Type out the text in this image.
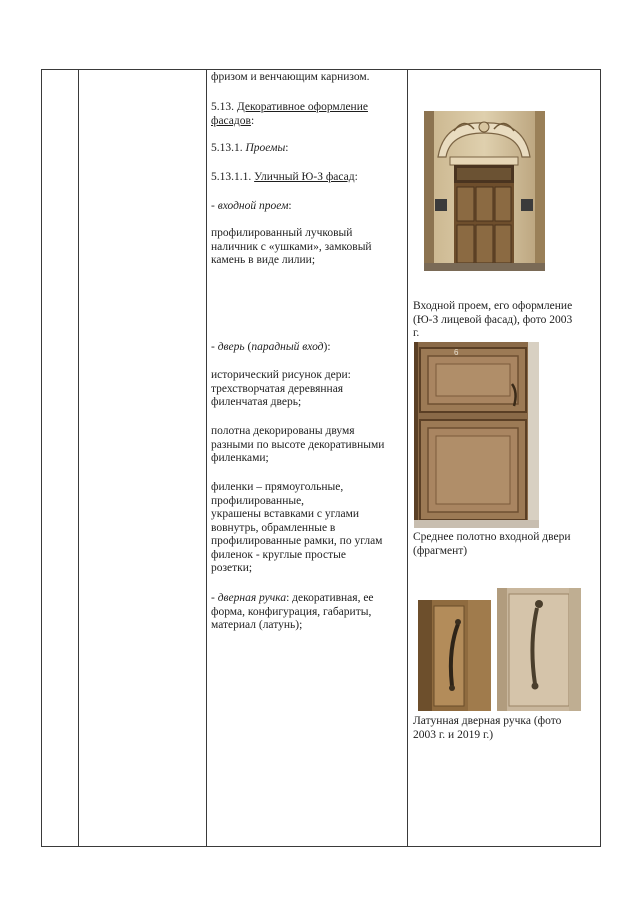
фризом и венчающим карнизом.
5.13. Декоративное оформление
фасадов:
5.13.1. Проемы:
5.13.1.1. Уличный Ю-З фасад:
- входной проем:
профилированный лучковый
наличник с «ушками», замковый
камень в виде лилии;
- дверь (парадный вход):
исторический рисунок дери:
трехстворчатая деревянная
филенчатая дверь;
полотна декорированы двумя
разными по высоте декоративными
филенками;
филенки – прямоугольные,
профилированные,
украшены вставками с углами
вовнутрь, обрамленные в
профилированные рамки, по углам
филенок - круглые простые
розетки;
- дверная ручка: декоративная, ее
форма, конфигурация, габариты,
материал (латунь);
Входной проем, его оформление
(Ю-З лицевой фасад), фото 2003
г.
6
Среднее полотно входной двери
(фрагмент)
Латунная дверная ручка (фото
2003 г. и 2019 г.)
